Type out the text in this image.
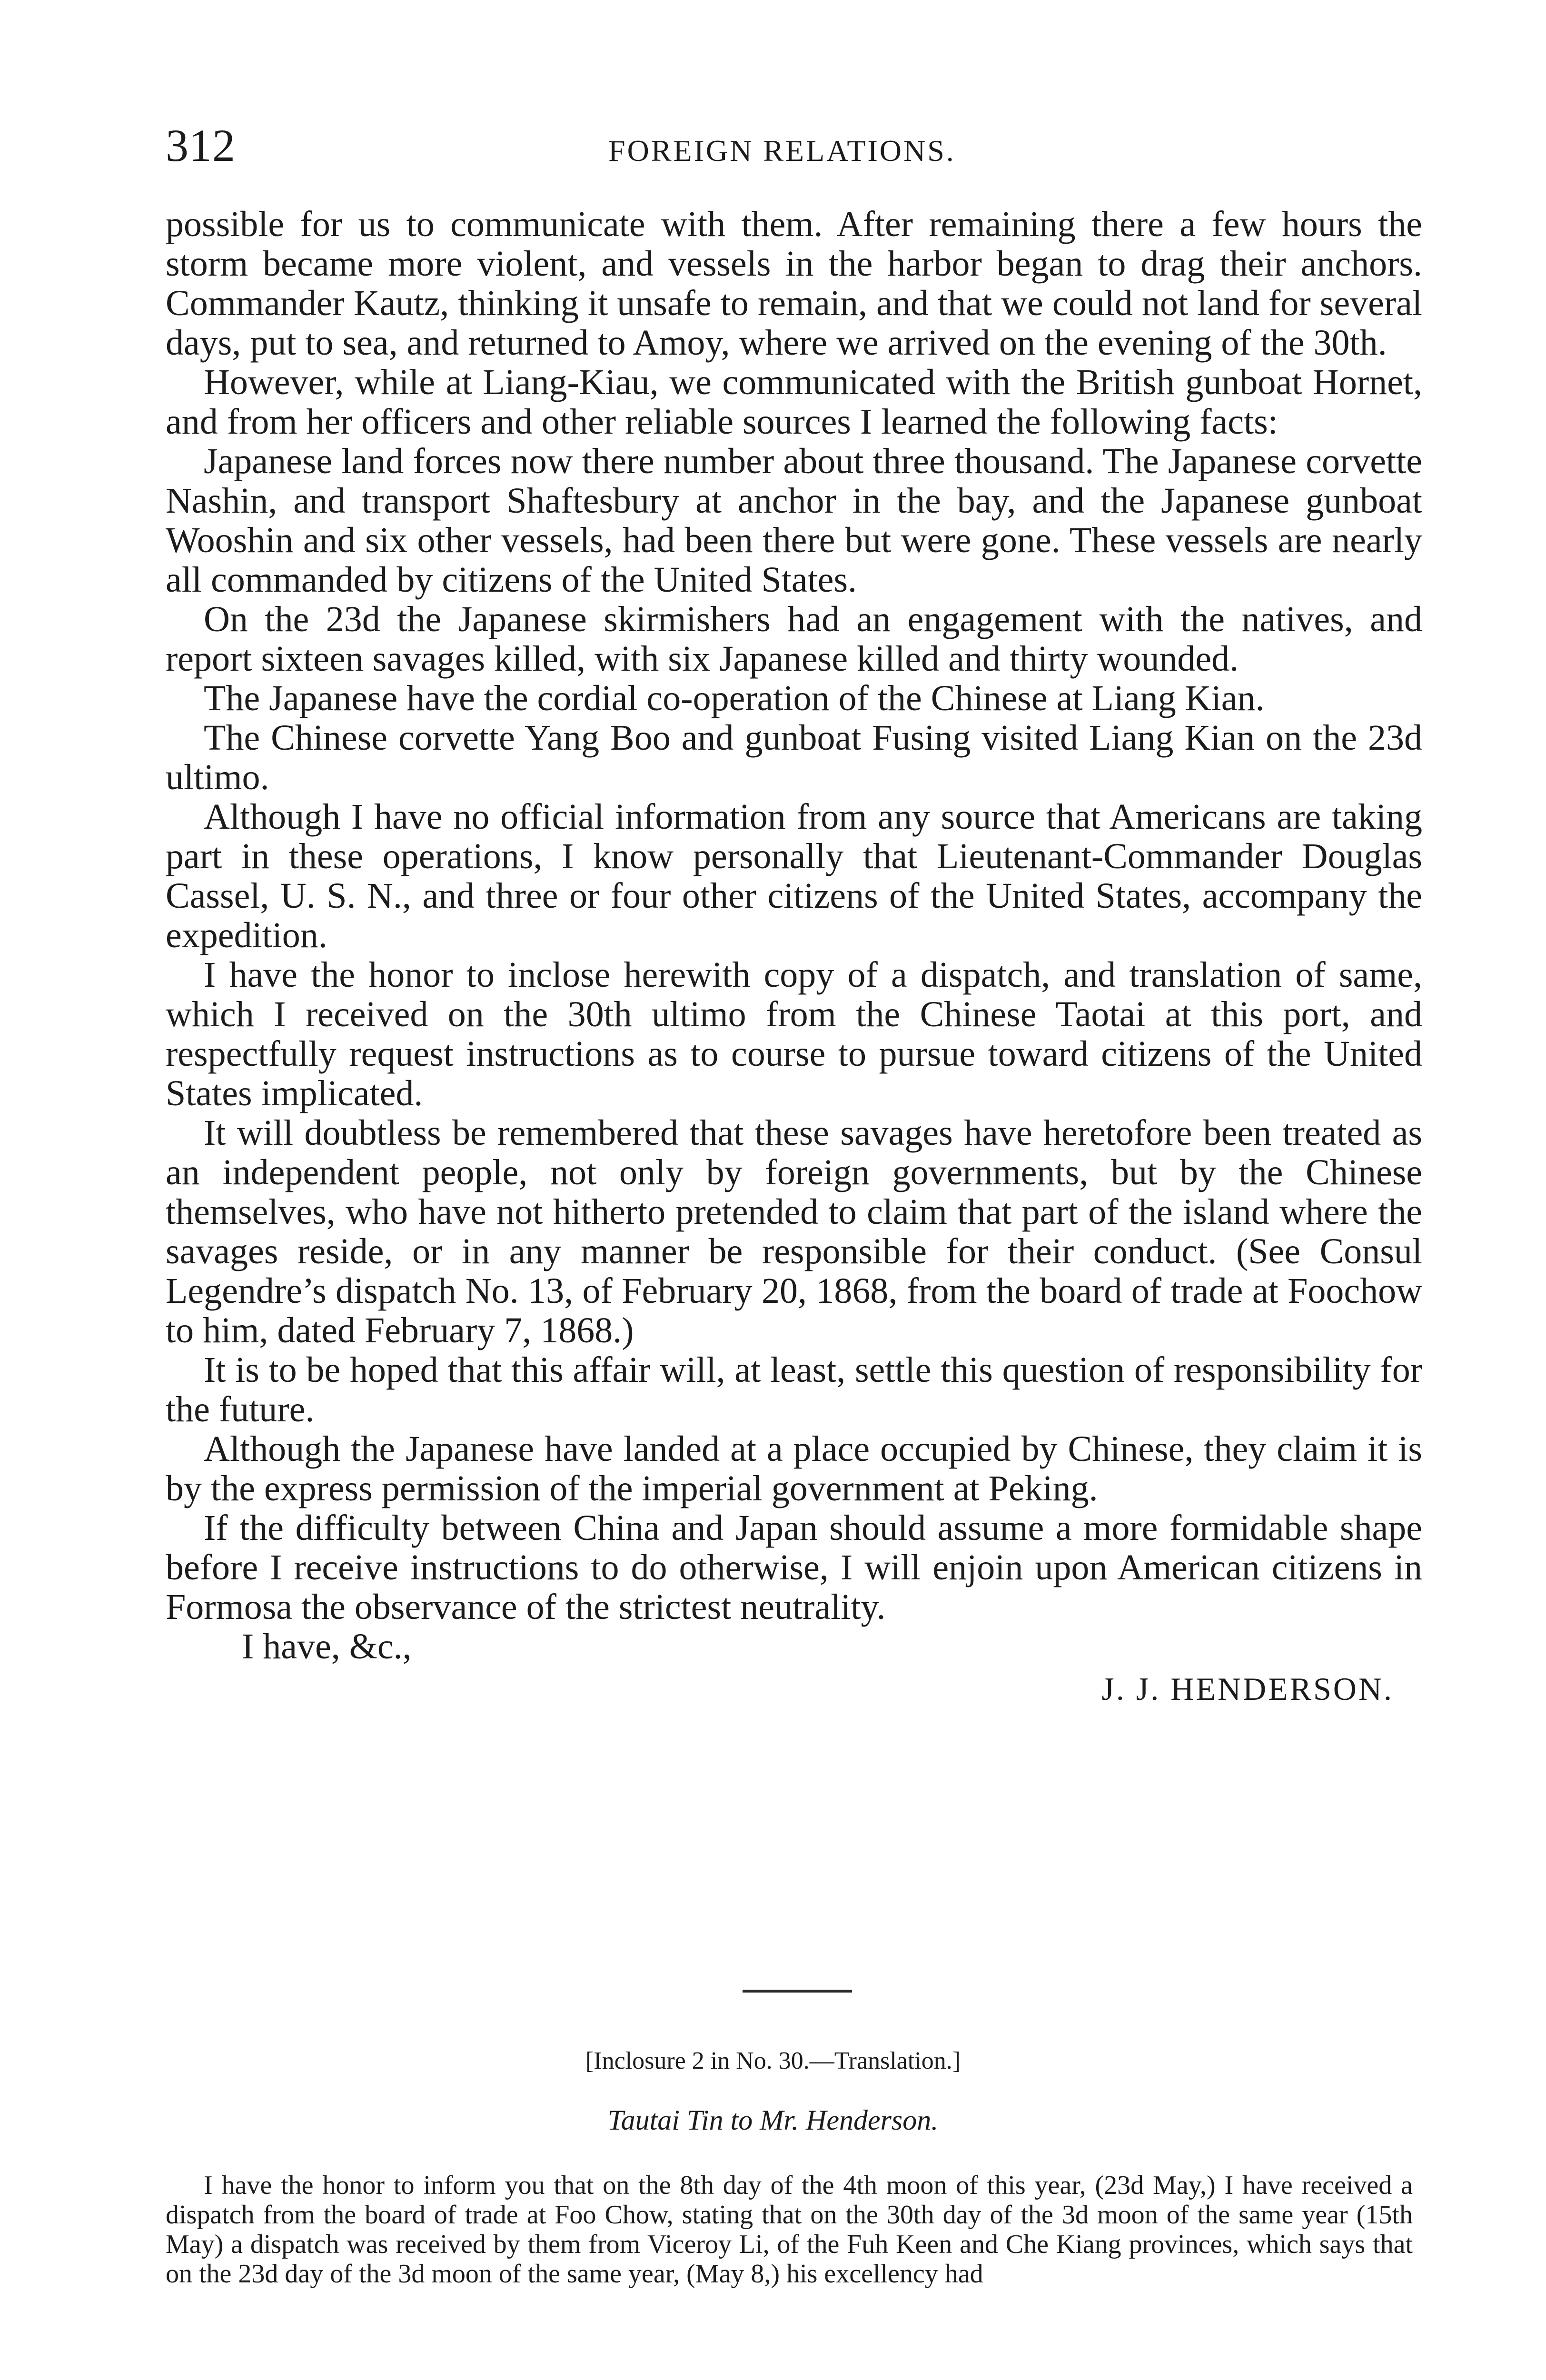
312	FOREIGN RELATIONS.

possible for us to communicate with them. After remaining there a few hours the storm became more violent, and vessels in the harbor began to drag their anchors. Commander Kautz, thinking it unsafe to remain, and that we could not land for several days, put to sea, and returned to Amoy, where we arrived on the evening of the 30th.

However, while at Liang-Kiau, we communicated with the British gunboat Hornet, and from her officers and other reliable sources I learned the following facts:

Japanese land forces now there number about three thousand. The Japanese corvette Nashin, and transport Shaftesbury at anchor in the bay, and the Japanese gunboat Wooshin and six other vessels, had been there but were gone. These vessels are nearly all commanded by citizens of the United States.

On the 23d the Japanese skirmishers had an engagement with the natives, and report sixteen savages killed, with six Japanese killed and thirty wounded.

The Japanese have the cordial co-operation of the Chinese at Liang Kian.

The Chinese corvette Yang Boo and gunboat Fusing visited Liang Kian on the 23d ultimo.

Although I have no official information from any source that Americans are taking part in these operations, I know personally that Lieutenant-Commander Douglas Cassel, U. S. N., and three or four other citizens of the United States, accompany the expedition.

I have the honor to inclose herewith copy of a dispatch, and translation of same, which I received on the 30th ultimo from the Chinese Taotai at this port, and respectfully request instructions as to course to pursue toward citizens of the United States implicated.

It will doubtless be remembered that these savages have heretofore been treated as an independent people, not only by foreign governments, but by the Chinese themselves, who have not hitherto pretended to claim that part of the island where the savages reside, or in any manner be responsible for their conduct. (See Consul Legendre’s dispatch No. 13, of February 20, 1868, from the board of trade at Foochow to him, dated February 7, 1868.)

It is to be hoped that this affair will, at least, settle this question of responsibility for the future.

Although the Japanese have landed at a place occupied by Chinese, they claim it is by the express permission of the imperial government at Peking.

If the difficulty between China and Japan should assume a more formidable shape before I receive instructions to do otherwise, I will enjoin upon American citizens in Formosa the observance of the strictest neutrality.

I have, &c.,

J. J. HENDERSON.

[Inclosure 2 in No. 30.—Translation.]
Tautai Tin to Mr. Henderson.

I have the honor to inform you that on the 8th day of the 4th moon of this year, (23d May,) I have received a dispatch from the board of trade at Foo Chow, stating that on the 30th day of the 3d moon of the same year (15th May) a dispatch was received by them from Viceroy Li, of the Fuh Keen and Che Kiang provinces, which says that on the 23d day of the 3d moon of the same year, (May 8,) his excellency had
